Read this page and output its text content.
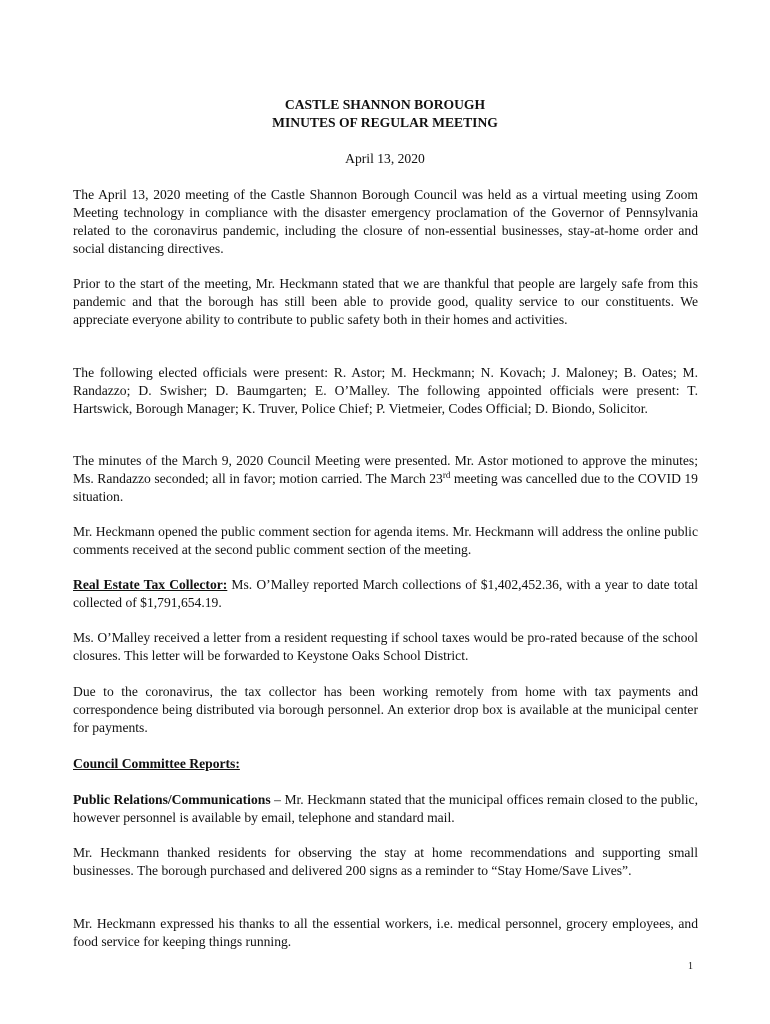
CASTLE SHANNON BOROUGH
MINUTES OF REGULAR MEETING
April 13, 2020
The April 13, 2020 meeting of the Castle Shannon Borough Council was held as a virtual meeting using Zoom Meeting technology in compliance with the disaster emergency proclamation of the Governor of Pennsylvania related to the coronavirus pandemic, including the closure of non-essential businesses, stay-at-home order and social distancing directives.
Prior to the start of the meeting, Mr. Heckmann stated that we are thankful that people are largely safe from this pandemic and that the borough has still been able to provide good, quality service to our constituents. We appreciate everyone ability to contribute to public safety both in their homes and activities.
The following elected officials were present: R. Astor; M. Heckmann; N. Kovach; J. Maloney; B. Oates; M. Randazzo; D. Swisher; D. Baumgarten; E. O’Malley. The following appointed officials were present: T. Hartswick, Borough Manager; K. Truver, Police Chief; P. Vietmeier, Codes Official; D. Biondo, Solicitor.
The minutes of the March 9, 2020 Council Meeting were presented. Mr. Astor motioned to approve the minutes; Ms. Randazzo seconded; all in favor; motion carried. The March 23rd meeting was cancelled due to the COVID 19 situation.
Mr. Heckmann opened the public comment section for agenda items. Mr. Heckmann will address the online public comments received at the second public comment section of the meeting.
Real Estate Tax Collector: Ms. O’Malley reported March collections of $1,402,452.36, with a year to date total collected of $1,791,654.19.
Ms. O’Malley received a letter from a resident requesting if school taxes would be pro-rated because of the school closures. This letter will be forwarded to Keystone Oaks School District.
Due to the coronavirus, the tax collector has been working remotely from home with tax payments and correspondence being distributed via borough personnel. An exterior drop box is available at the municipal center for payments.
Council Committee Reports:
Public Relations/Communications – Mr. Heckmann stated that the municipal offices remain closed to the public, however personnel is available by email, telephone and standard mail.
Mr. Heckmann thanked residents for observing the stay at home recommendations and supporting small businesses. The borough purchased and delivered 200 signs as a reminder to “Stay Home/Save Lives”.
Mr. Heckmann expressed his thanks to all the essential workers, i.e. medical personnel, grocery employees, and food service for keeping things running.
1
